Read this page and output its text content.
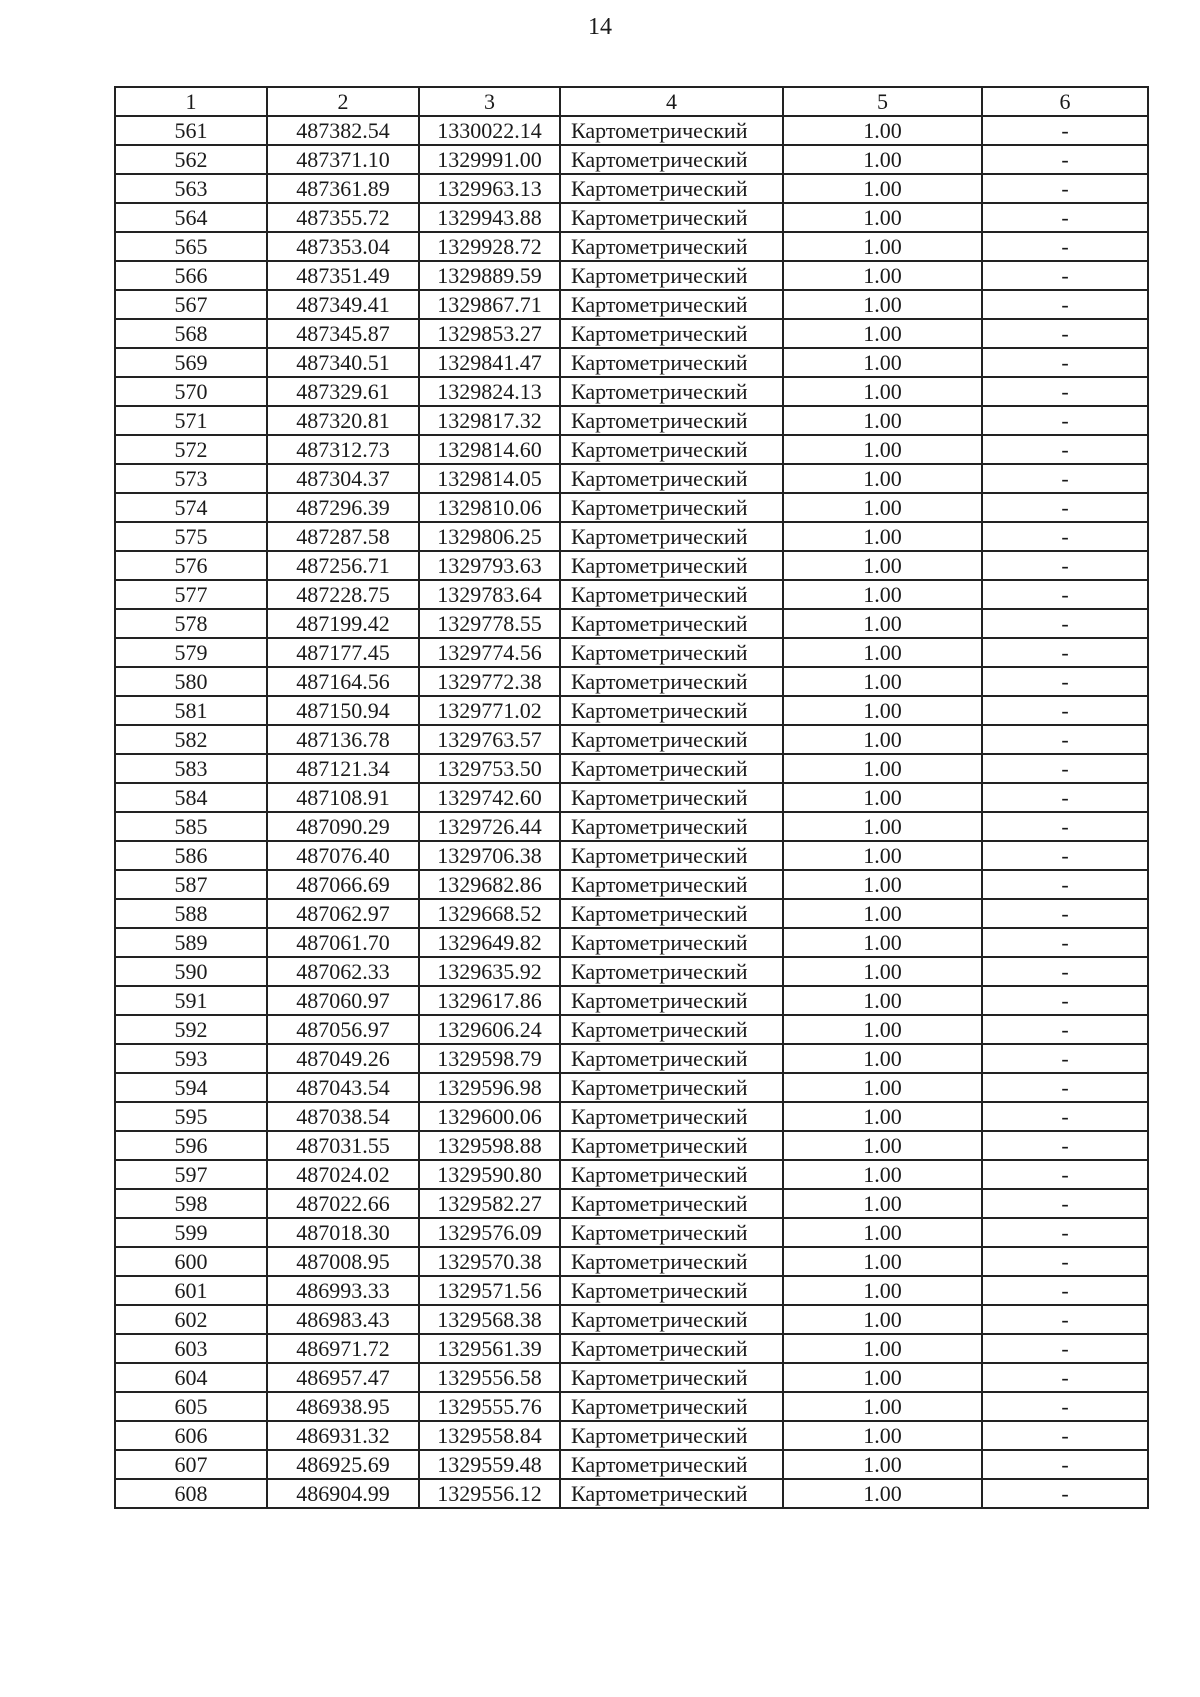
14
1	2	3	4	5	6
561	487382.54	1330022.14	Картометрический	1.00	-
562	487371.10	1329991.00	Картометрический	1.00	-
563	487361.89	1329963.13	Картометрический	1.00	-
564	487355.72	1329943.88	Картометрический	1.00	-
565	487353.04	1329928.72	Картометрический	1.00	-
566	487351.49	1329889.59	Картометрический	1.00	-
567	487349.41	1329867.71	Картометрический	1.00	-
568	487345.87	1329853.27	Картометрический	1.00	-
569	487340.51	1329841.47	Картометрический	1.00	-
570	487329.61	1329824.13	Картометрический	1.00	-
571	487320.81	1329817.32	Картометрический	1.00	-
572	487312.73	1329814.60	Картометрический	1.00	-
573	487304.37	1329814.05	Картометрический	1.00	-
574	487296.39	1329810.06	Картометрический	1.00	-
575	487287.58	1329806.25	Картометрический	1.00	-
576	487256.71	1329793.63	Картометрический	1.00	-
577	487228.75	1329783.64	Картометрический	1.00	-
578	487199.42	1329778.55	Картометрический	1.00	-
579	487177.45	1329774.56	Картометрический	1.00	-
580	487164.56	1329772.38	Картометрический	1.00	-
581	487150.94	1329771.02	Картометрический	1.00	-
582	487136.78	1329763.57	Картометрический	1.00	-
583	487121.34	1329753.50	Картометрический	1.00	-
584	487108.91	1329742.60	Картометрический	1.00	-
585	487090.29	1329726.44	Картометрический	1.00	-
586	487076.40	1329706.38	Картометрический	1.00	-
587	487066.69	1329682.86	Картометрический	1.00	-
588	487062.97	1329668.52	Картометрический	1.00	-
589	487061.70	1329649.82	Картометрический	1.00	-
590	487062.33	1329635.92	Картометрический	1.00	-
591	487060.97	1329617.86	Картометрический	1.00	-
592	487056.97	1329606.24	Картометрический	1.00	-
593	487049.26	1329598.79	Картометрический	1.00	-
594	487043.54	1329596.98	Картометрический	1.00	-
595	487038.54	1329600.06	Картометрический	1.00	-
596	487031.55	1329598.88	Картометрический	1.00	-
597	487024.02	1329590.80	Картометрический	1.00	-
598	487022.66	1329582.27	Картометрический	1.00	-
599	487018.30	1329576.09	Картометрический	1.00	-
600	487008.95	1329570.38	Картометрический	1.00	-
601	486993.33	1329571.56	Картометрический	1.00	-
602	486983.43	1329568.38	Картометрический	1.00	-
603	486971.72	1329561.39	Картометрический	1.00	-
604	486957.47	1329556.58	Картометрический	1.00	-
605	486938.95	1329555.76	Картометрический	1.00	-
606	486931.32	1329558.84	Картометрический	1.00	-
607	486925.69	1329559.48	Картометрический	1.00	-
608	486904.99	1329556.12	Картометрический	1.00	-
